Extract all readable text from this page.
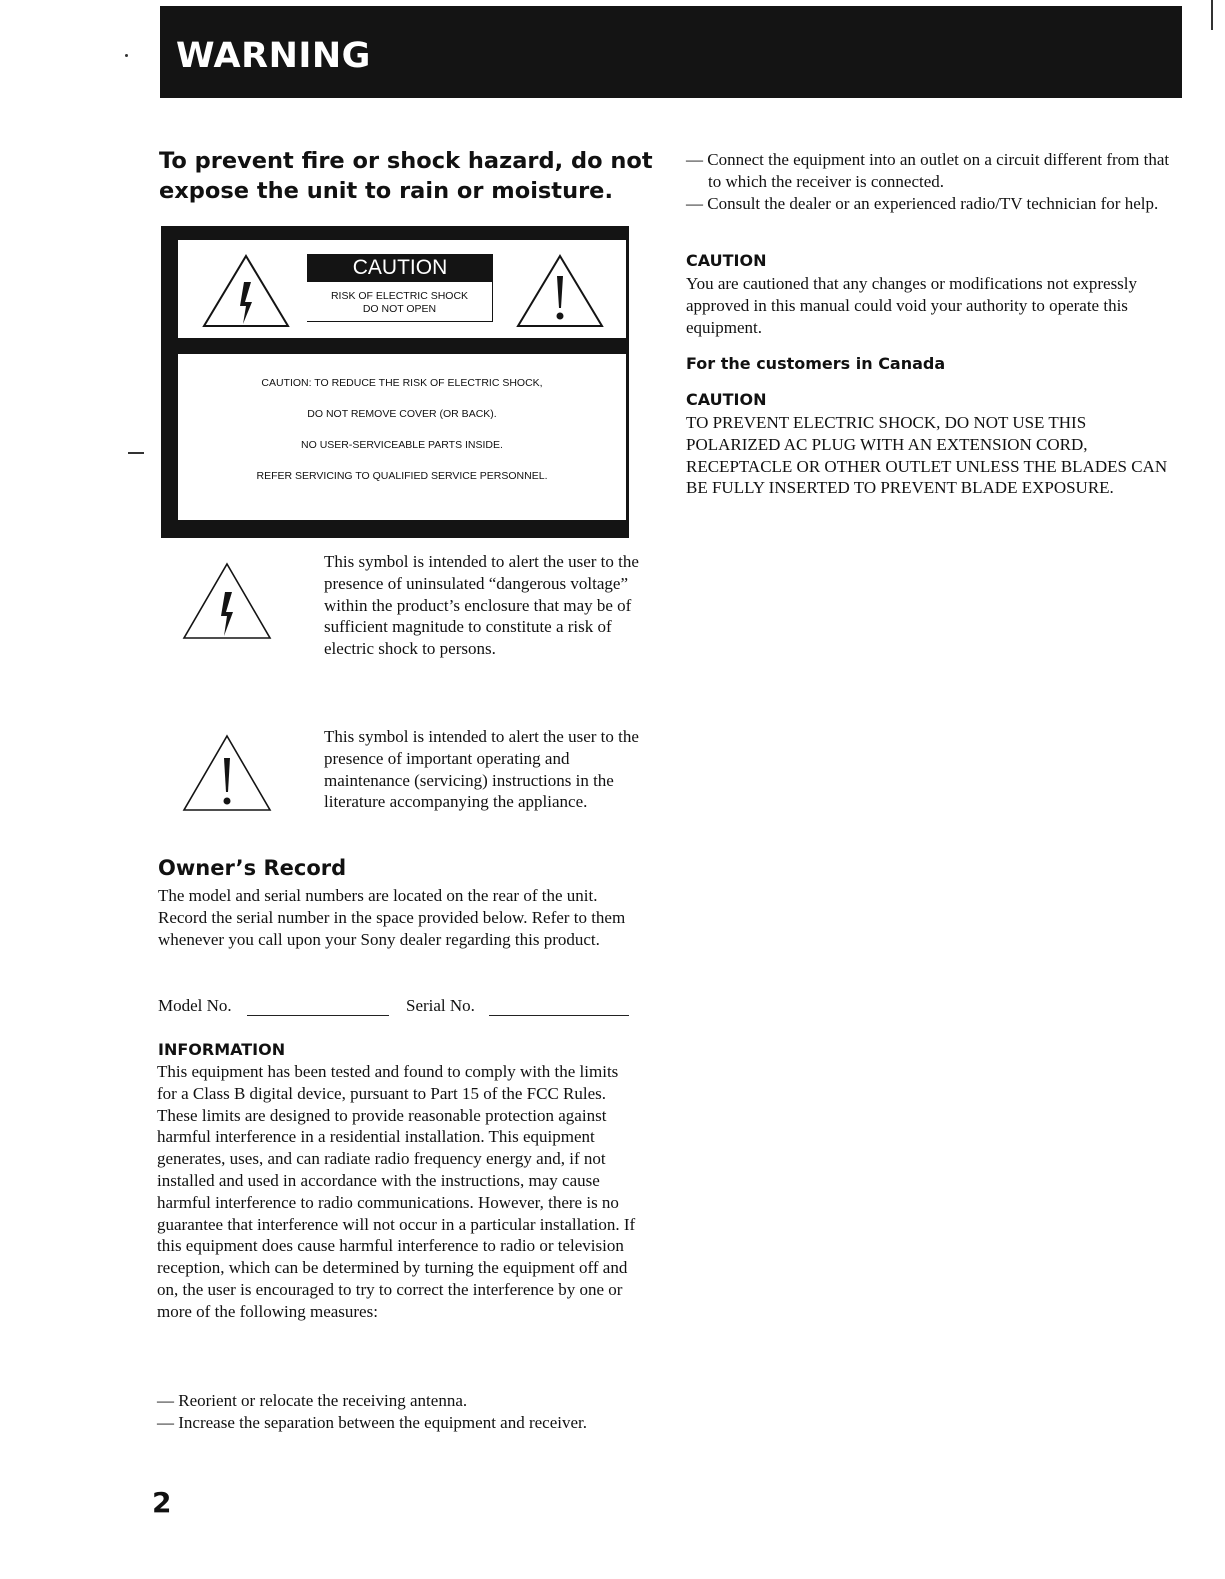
WARNING
To prevent fire or shock hazard, do not expose the unit to rain or moisture.
CAUTION
RISK OF ELECTRIC SHOCK
DO NOT OPEN
CAUTION: TO REDUCE THE RISK OF ELECTRIC SHOCK,
DO NOT REMOVE COVER (OR BACK).
NO USER-SERVICEABLE PARTS INSIDE.
REFER SERVICING TO QUALIFIED SERVICE PERSONNEL.
This symbol is intended to alert the user to the presence of uninsulated “dangerous voltage” within the product’s enclosure that may be of sufficient magnitude to constitute a risk of electric shock to persons.
This symbol is intended to alert the user to the presence of important operating and maintenance (servicing) instructions in the literature accompanying the appliance.
Owner’s Record
The model and serial numbers are located on the rear of the unit. Record the serial number in the space provided below. Refer to them whenever you call upon your Sony dealer regarding this product.
Model No.	Serial No.
INFORMATION
This equipment has been tested and found to comply with the limits for a Class B digital device, pursuant to Part 15 of the FCC Rules. These limits are designed to provide reasonable protection against harmful interference in a residential installation. This equipment generates, uses, and can radiate radio frequency energy and, if not installed and used in accordance with the instructions, may cause harmful interference to radio communications. However, there is no guarantee that interference will not occur in a particular installation. If this equipment does cause harmful interference to radio or television reception, which can be determined by turning the equipment off and on, the user is encouraged to try to correct the interference by one or more of the following measures:
— Reorient or relocate the receiving antenna.
— Increase the separation between the equipment and receiver.
— Connect the equipment into an outlet on a circuit different from that to which the receiver is connected.
— Consult the dealer or an experienced radio/TV technician for help.
CAUTION
You are cautioned that any changes or modifications not expressly approved in this manual could void your authority to operate this equipment.
For the customers in Canada
CAUTION
TO PREVENT ELECTRIC SHOCK, DO NOT USE THIS POLARIZED AC PLUG WITH AN EXTENSION CORD, RECEPTACLE OR OTHER OUTLET UNLESS THE BLADES CAN BE FULLY INSERTED TO PREVENT BLADE EXPOSURE.
2
